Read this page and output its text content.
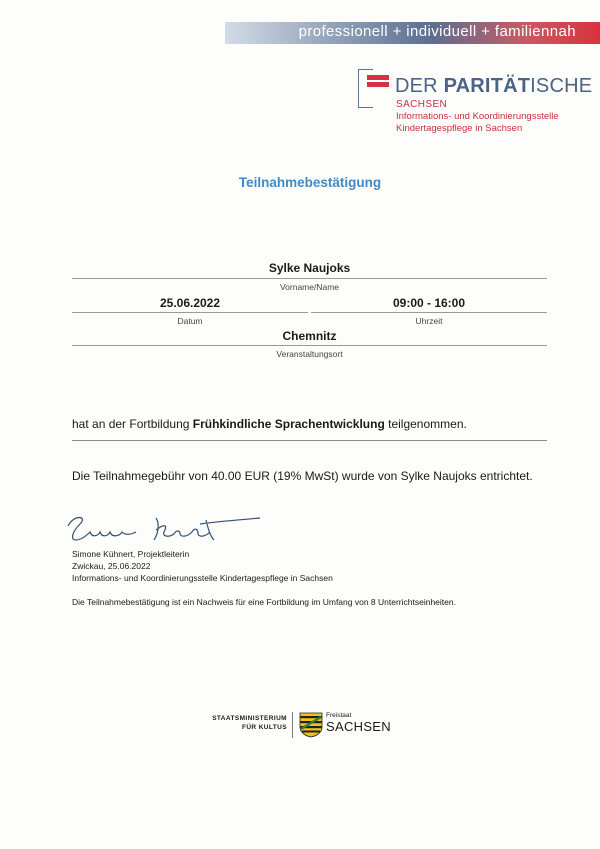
professionell + individuell + familiennah
DER PARITÄTISCHE
SACHSEN
Informations- und Koordinierungsstelle
Kindertagespflege in Sachsen
Teilnahmebestätigung
Sylke Naujoks
Vorname/Name
25.06.2022
Datum
09:00 - 16:00
Uhrzeit
Chemnitz
Veranstaltungsort
hat an der Fortbildung Frühkindliche Sprachentwicklung teilgenommen.
Die Teilnahmegebühr von 40.00 EUR (19% MwSt) wurde von Sylke Naujoks entrichtet.
Simone Kühnert, Projektleiterin
Zwickau, 25.06.2022
Informations- und Koordinierungsstelle Kindertagespflege in Sachsen
Die Teilnahmebestätigung ist ein Nachweis für eine Fortbildung im Umfang von 8 Unterrichtseinheiten.
STAATSMINISTERIUM
FÜR KULTUS
Freistaat
SACHSEN
